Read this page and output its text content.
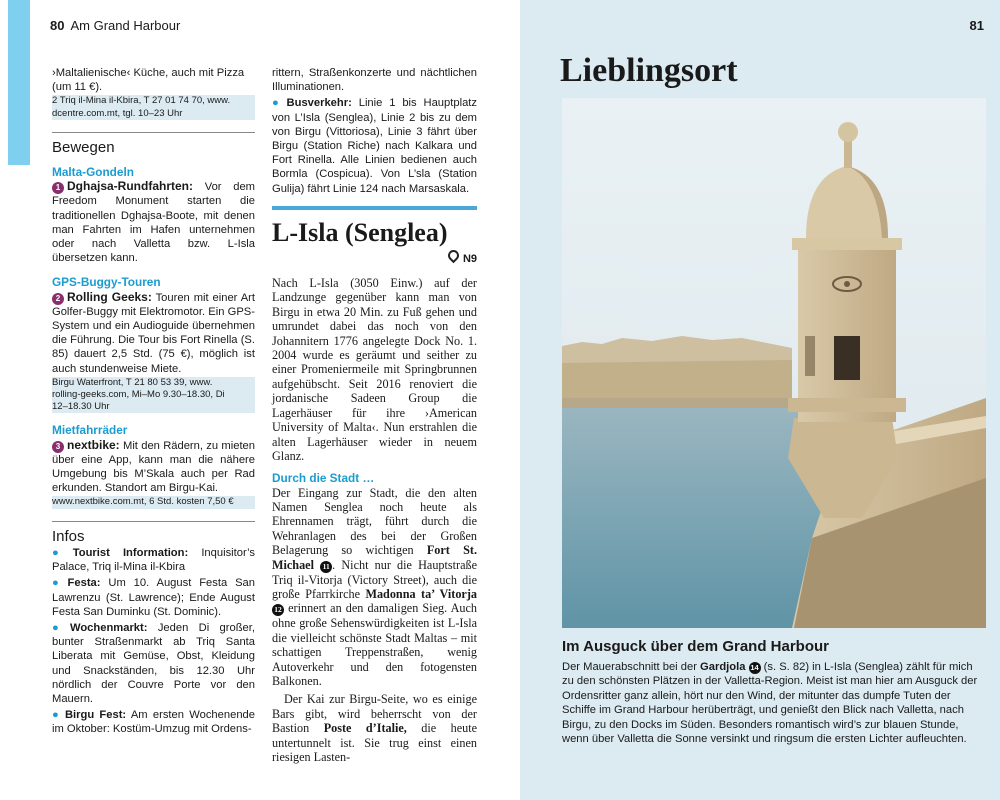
80 Am Grand Harbour	81
›Maltalienische‹ Küche, auch mit Pizza
(um 11 €).
2 Triq il-Mina il-Kbira, T 27 01 74 70, www.
dcentre.com.mt, tgl. 10–23 Uhr
Bewegen
Malta-Gondeln
1 Dghajsa-Rundfahrten: Vor dem Freedom Monument starten die traditionellen Dghajsa-Boote, mit denen man Fahrten im Hafen unternehmen oder nach Valletta bzw. L-Isla übersetzen kann.
GPS-Buggy-Touren
2 Rolling Geeks: Touren mit einer Art Golfer-Buggy mit Elektromotor. Ein GPS-System und ein Audioguide übernehmen die Führung. Die Tour bis Fort Rinella (S. 85) dauert 2,5 Std. (75 €), möglich ist auch stundenweise Miete.
Birgu Waterfront, T 21 80 53 39, www.
rolling-geeks.com, Mi–Mo 9.30–18.30, Di
12–18.30 Uhr
Mietfahrräder
3 nextbike: Mit den Rädern, zu mieten über eine App, kann man die nähere Umgebung bis M’Skala auch per Rad erkunden. Standort am Birgu-Kai.
www.nextbike.com.mt, 6 Std. kosten 7,50 €
Infos
● Tourist Information: Inquisitor’s Palace, Triq il-Mina il-Kbira
● Festa: Um 10. August Festa San Lawrenzu (St. Lawrence); Ende August Festa San Duminku (St. Dominic).
● Wochenmarkt: Jeden Di großer, bunter Straßenmarkt ab Triq Santa Liberata mit Gemüse, Obst, Kleidung und Snackständen, bis 12.30 Uhr nördlich der Couvre Porte vor den Mauern.
● Birgu Fest: Am ersten Wochenende im Oktober: Kostüm-Umzug mit Ordens-
rittern, Straßenkonzerte und nächtlichen Illuminationen.
● Busverkehr: Linie 1 bis Hauptplatz von L’Isla (Senglea), Linie 2 bis zu dem von Birgu (Vittoriosa), Linie 3 fährt über Birgu (Station Riche) nach Kalkara und Fort Rinella. Alle Linien bedienen auch Bormla (Cospicua). Von L’sla (Station Gulija) fährt Linie 124 nach Marsaskala.
L-Isla (Senglea)
N9
Nach L-Isla (3050 Einw.) auf der Landzunge gegenüber kann man von Birgu in etwa 20 Min. zu Fuß gehen und umrundet dabei das noch von den Johannitern 1776 angelegte Dock No. 1. 2004 wurde es geräumt und seither zu einer Promeniermeile mit Springbrunnen aufgehübscht. Seit 2016 renoviert die jordanische Sadeen Group die Lagerhäuser für ihre ›American University of Malta‹. Nun erstrahlen die alten Lagerhäuser wieder in neuem Glanz.
Durch die Stadt …
Der Eingang zur Stadt, die den alten Namen Senglea noch heute als Ehrennamen trägt, führt durch die Wehranlagen des bei der Großen Belagerung so wichtigen Fort St. Michael 11 . Nicht nur die Hauptstraße Triq il-Vitorja (Victory Street), auch die große Pfarrkirche Madonna ta’ Vitorja 12 erinnert an den damaligen Sieg. Auch ohne große Sehenswürdigkeiten ist L-Isla die vielleicht schönste Stadt Maltas – mit schattigen Treppenstraßen, wenig Autoverkehr und den fotogensten Balkonen.
Der Kai zur Birgu-Seite, wo es einige Bars gibt, wird beherrscht von der Bastion Poste d’Italie, die heute untertunnelt ist. Sie trug einst einen riesigen Lasten-
Lieblingsort
Im Ausguck über dem Grand Harbour
Der Mauerabschnitt bei der Gardjola 14 (s. S. 82) in L-Isla (Senglea) zählt für mich zu den schönsten Plätzen in der Valletta-Region. Meist ist man hier am Ausguck der Ordensritter ganz allein, hört nur den Wind, der mitunter das dumpfe Tuten der Schiffe im Grand Harbour herüberträgt, und genießt den Blick nach Valletta, nach Birgu, zu den Docks im Süden. Besonders romantisch wird’s zur blauen Stunde, wenn über Valletta die Sonne versinkt und ringsum die ersten Lichter aufleuchten.
